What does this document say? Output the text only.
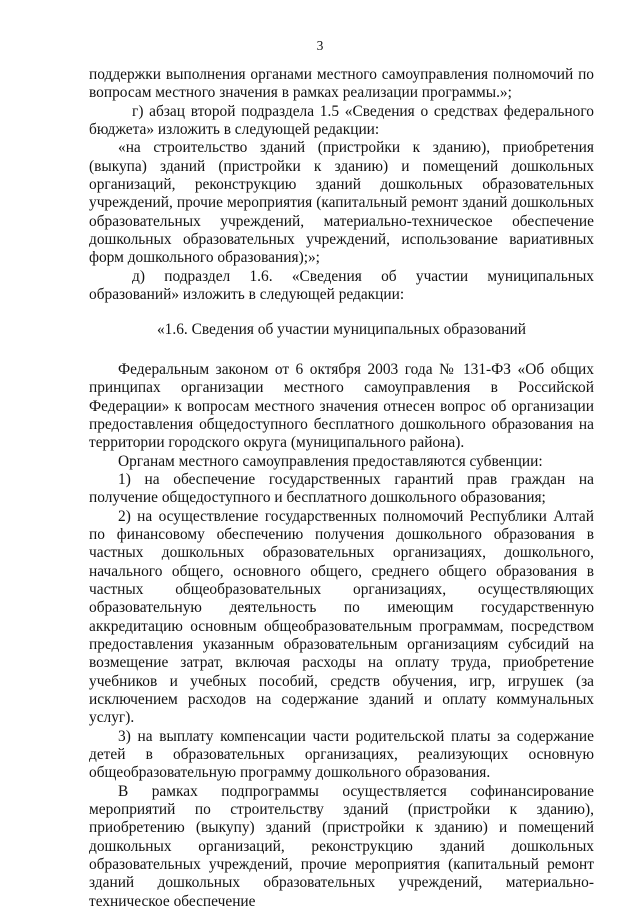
3

поддержки выполнения органами местного самоуправления полномочий по вопросам местного значения в рамках реализации программы.»;

г) абзац второй подраздела 1.5 «Сведения о средствах федерального бюджета» изложить в следующей редакции:

«на строительство зданий (пристройки к зданию), приобретения (выкупа) зданий (пристройки к зданию) и помещений дошкольных организаций, реконструкцию зданий дошкольных образовательных учреждений, прочие мероприятия (капитальный ремонт зданий дошкольных образовательных учреждений, материально-техническое обеспечение дошкольных образовательных учреждений, использование вариативных форм дошкольного образования);»;

д) подраздел 1.6. «Сведения об участии муниципальных образований» изложить в следующей редакции:

«1.6. Сведения об участии муниципальных образований

Федеральным законом от 6 октября 2003 года № 131-ФЗ «Об общих принципах организации местного самоуправления в Российской Федерации» к вопросам местного значения отнесен вопрос об организации предоставления общедоступного бесплатного дошкольного образования на территории городского округа (муниципального района).

Органам местного самоуправления предоставляются субвенции:

1) на обеспечение государственных гарантий прав граждан на получение общедоступного и бесплатного дошкольного образования;

2) на осуществление государственных полномочий Республики Алтай по финансовому обеспечению получения дошкольного образования в частных дошкольных образовательных организациях, дошкольного, начального общего, основного общего, среднего общего образования в частных общеобразовательных организациях, осуществляющих образовательную деятельность по имеющим государственную аккредитацию основным общеобразовательным программам, посредством предоставления указанным образовательным организациям субсидий на возмещение затрат, включая расходы на оплату труда, приобретение учебников и учебных пособий, средств обучения, игр, игрушек (за исключением расходов на содержание зданий и оплату коммунальных услуг).

3) на выплату компенсации части родительской платы за содержание детей в образовательных организациях, реализующих основную общеобразовательную программу дошкольного образования.

В рамках подпрограммы осуществляется софинансирование мероприятий по строительству зданий (пристройки к зданию), приобретению (выкупу) зданий (пристройки к зданию) и помещений дошкольных организаций, реконструкцию зданий дошкольных образовательных учреждений, прочие мероприятия (капитальный ремонт зданий дошкольных образовательных учреждений, материально-техническое обеспечение
